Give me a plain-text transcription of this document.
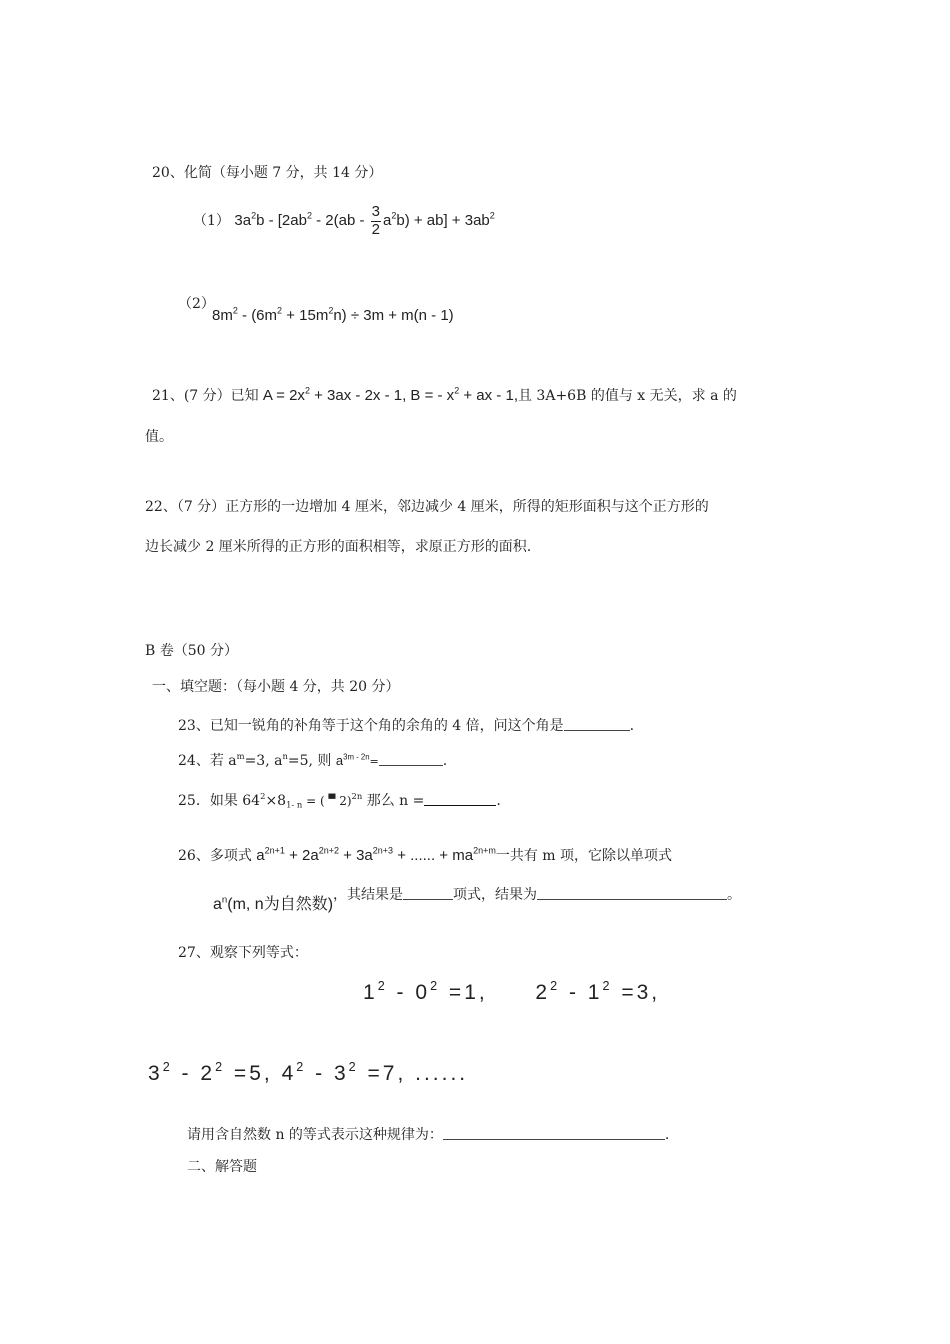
20、化简（每小题 7 分，共 14 分）
（1） $3a^2b - [2ab^2 - 2(ab - \frac{3}{2} a^2b) + ab] + 3ab^2$
（2）
$8m^2 - (6m^2 + 15m^2n) \div 3m + m(n - 1)$
21、(7 分）已知 $A = 2x^2 + 3ax - 2x - 1$, B = - $x^2$ + ax - 1,且 3A+6B 的值与 x 无关，求 a 的
值。
22、（7 分）正方形的一边增加 4 厘米，邻边减少 4 厘米，所得的矩形面积与这个正方形的
边长减少 2 厘米所得的正方形的面积相等，求原正方形的面积.
B 卷（50 分）
一、填空题：（每小题 4 分，共 20 分）
23、已知一锐角的补角等于这个角的余角的 4 倍，问这个角是	.
24、若 $a^m=3$, $a^n=5$, 则 $a^{3m - 2n}=$	.
25．如果 $64^2\times 8_{1- n}$ = ( ▀ 2)$^{2n}$ 那么 n =	.
26、多项式 $a^{2n+1} + 2a^{2n+2} + 3a^{2n+3}$ + ...... + $ma^{2n+m}$一共有 m 项，它除以单项式
$a^n(m$, n为自然数)，其结果是	项式，结果为	。
27、观察下列等式：
$1^2 - 0^2 =1$, $2^2 - 1^2 =3$,
$3^2 - 2^2 =5$, $4^2 - 3^2 =7$, ......
请用含自然数 n 的等式表示这种规律为：	.
二、解答题
